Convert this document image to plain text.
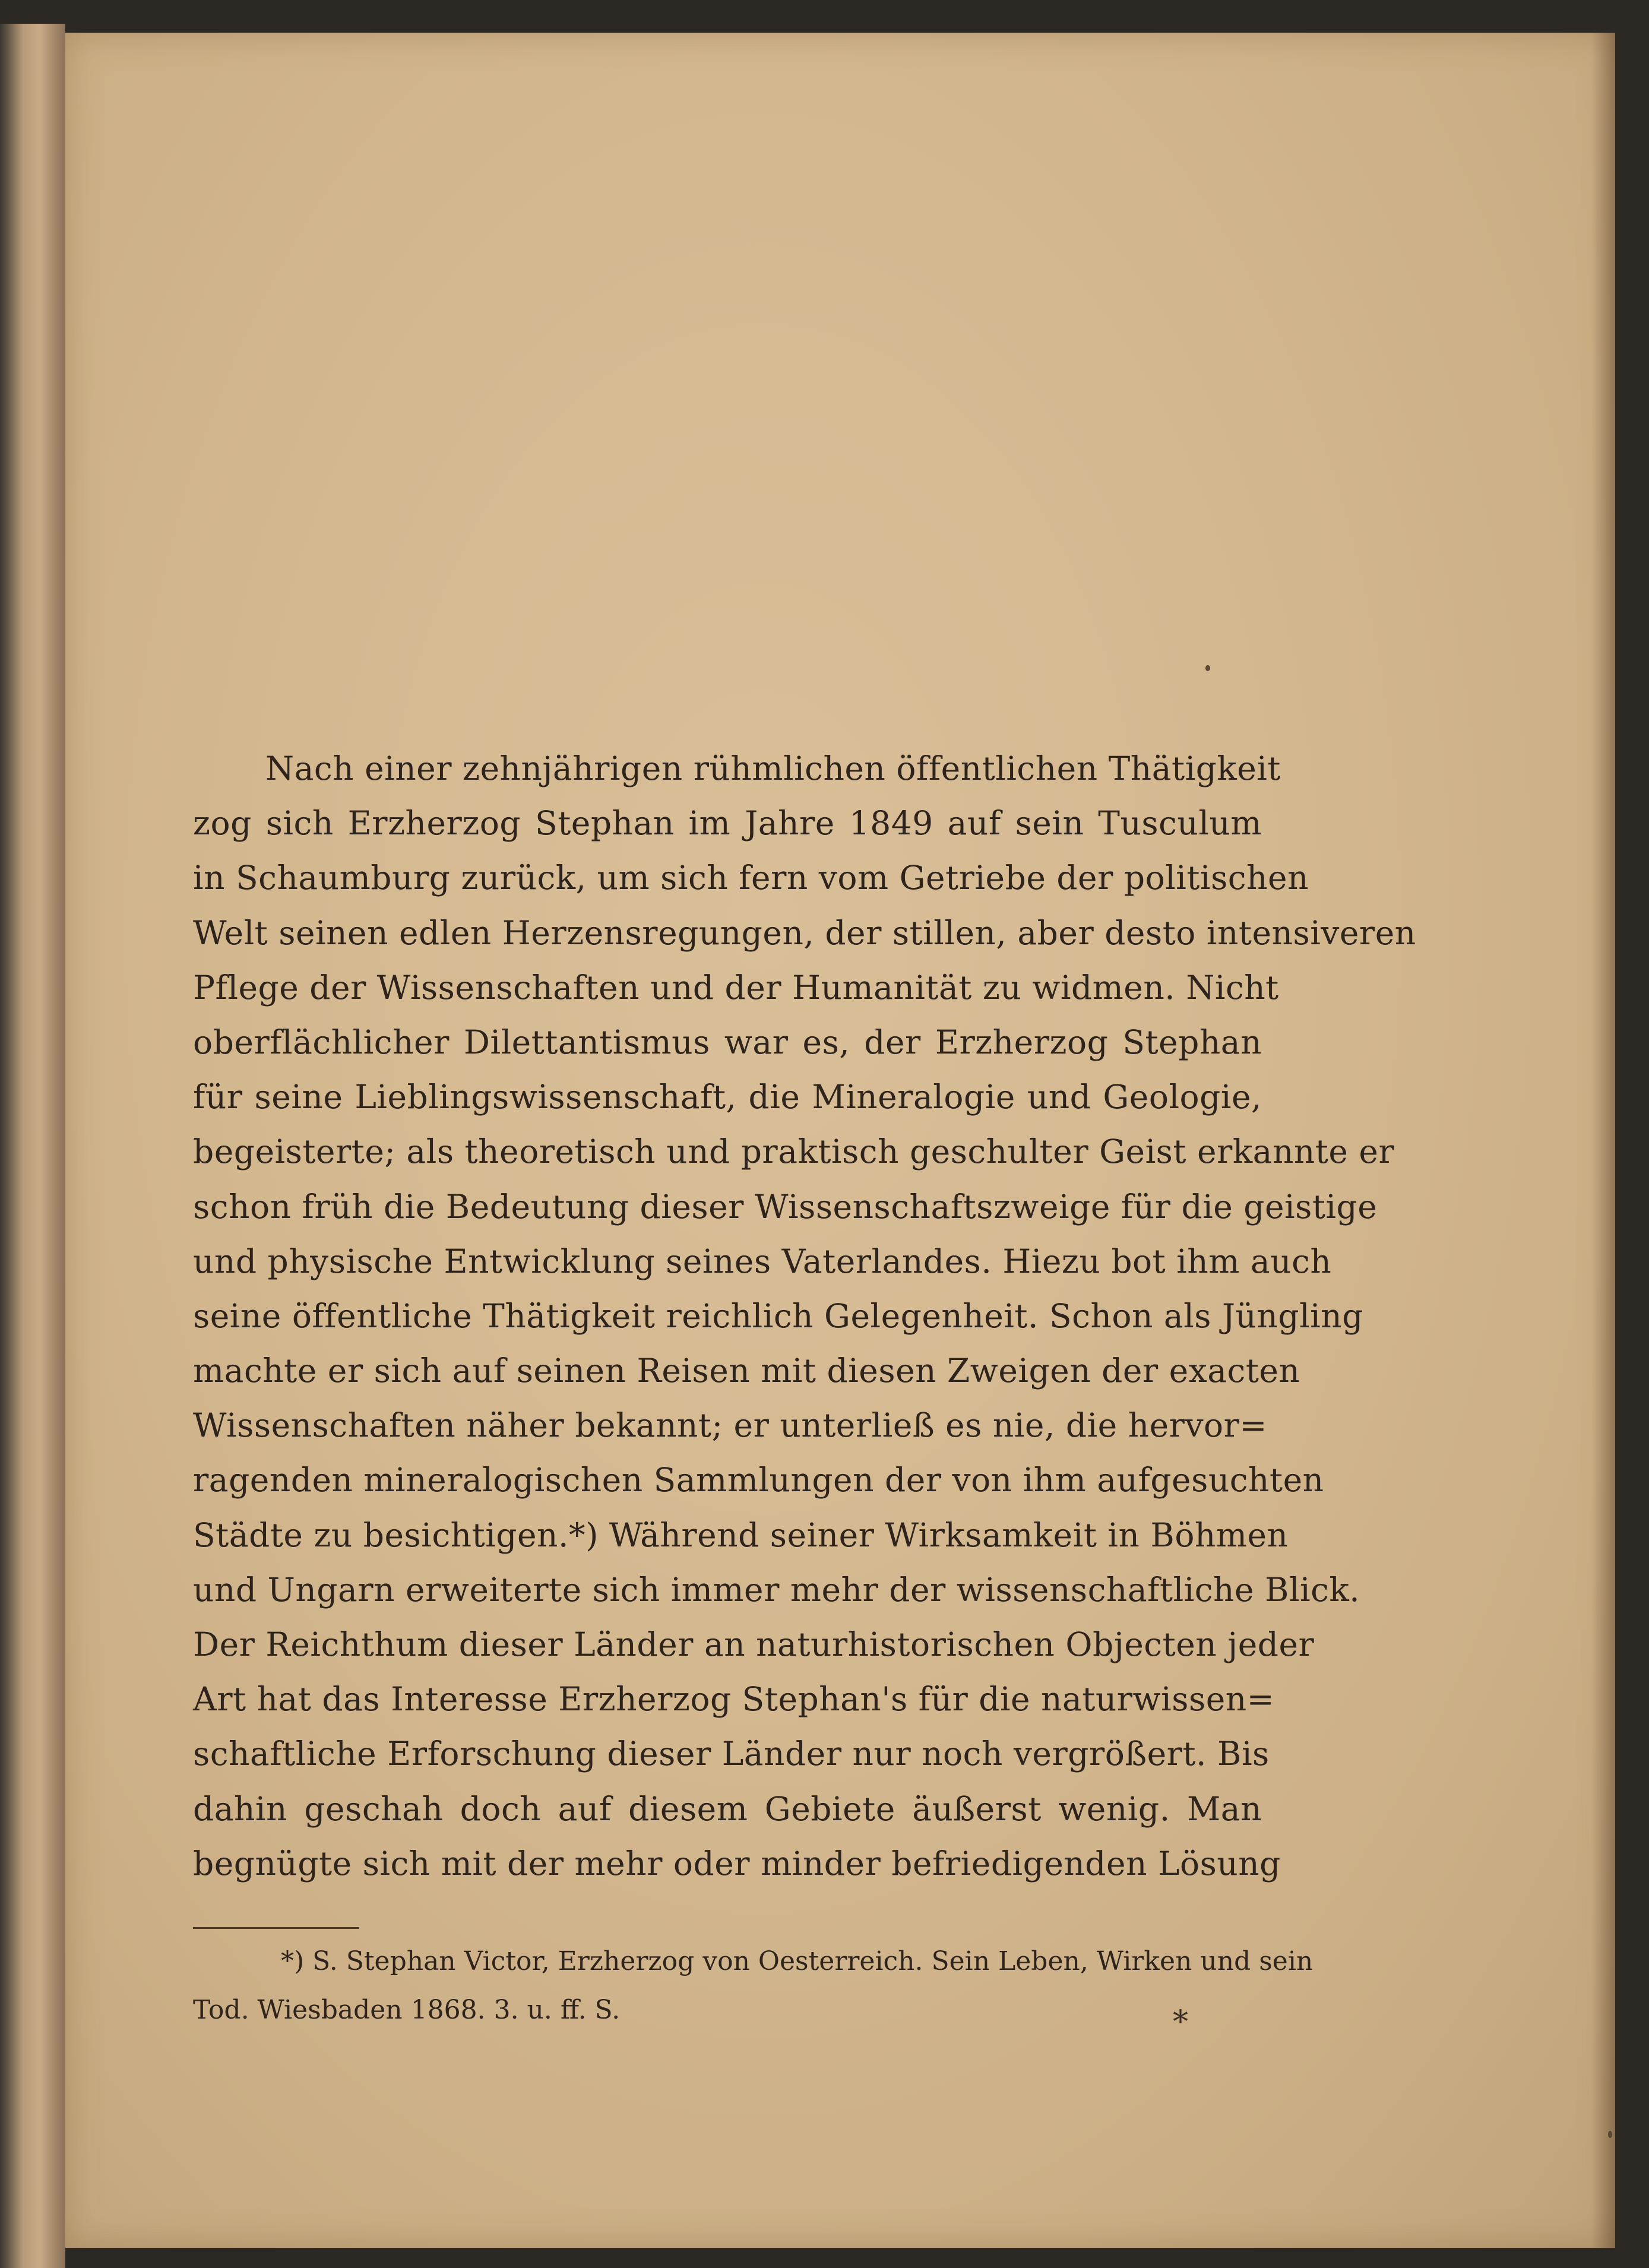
Nach einer zehnjährigen rühmlichen öffentlichen Thätigkeit
zog sich Erzherzog Stephan im Jahre 1849 auf sein Tusculum
in Schaumburg zurück, um sich fern vom Getriebe der politischen
Welt seinen edlen Herzensregungen, der stillen, aber desto intensiveren
Pflege der Wissenschaften und der Humanität zu widmen. Nicht
oberflächlicher Dilettantismus war es, der Erzherzog Stephan
für seine Lieblingswissenschaft, die Mineralogie und Geologie,
begeisterte; als theoretisch und praktisch geschulter Geist erkannte er
schon früh die Bedeutung dieser Wissenschaftszweige für die geistige
und physische Entwicklung seines Vaterlandes. Hiezu bot ihm auch
seine öffentliche Thätigkeit reichlich Gelegenheit. Schon als Jüngling
machte er sich auf seinen Reisen mit diesen Zweigen der exacten
Wissenschaften näher bekannt; er unterließ es nie, die hervor=
ragenden mineralogischen Sammlungen der von ihm aufgesuchten
Städte zu besichtigen.*) Während seiner Wirksamkeit in Böhmen
und Ungarn erweiterte sich immer mehr der wissenschaftliche Blick.
Der Reichthum dieser Länder an naturhistorischen Objecten jeder
Art hat das Interesse Erzherzog Stephan's für die naturwissen=
schaftliche Erforschung dieser Länder nur noch vergrößert. Bis
dahin geschah doch auf diesem Gebiete äußerst wenig. Man
begnügte sich mit der mehr oder minder befriedigenden Lösung
*) S. Stephan Victor, Erzherzog von Oesterreich. Sein Leben, Wirken und sein
Tod. Wiesbaden 1868. 3. u. ff. S.	*
